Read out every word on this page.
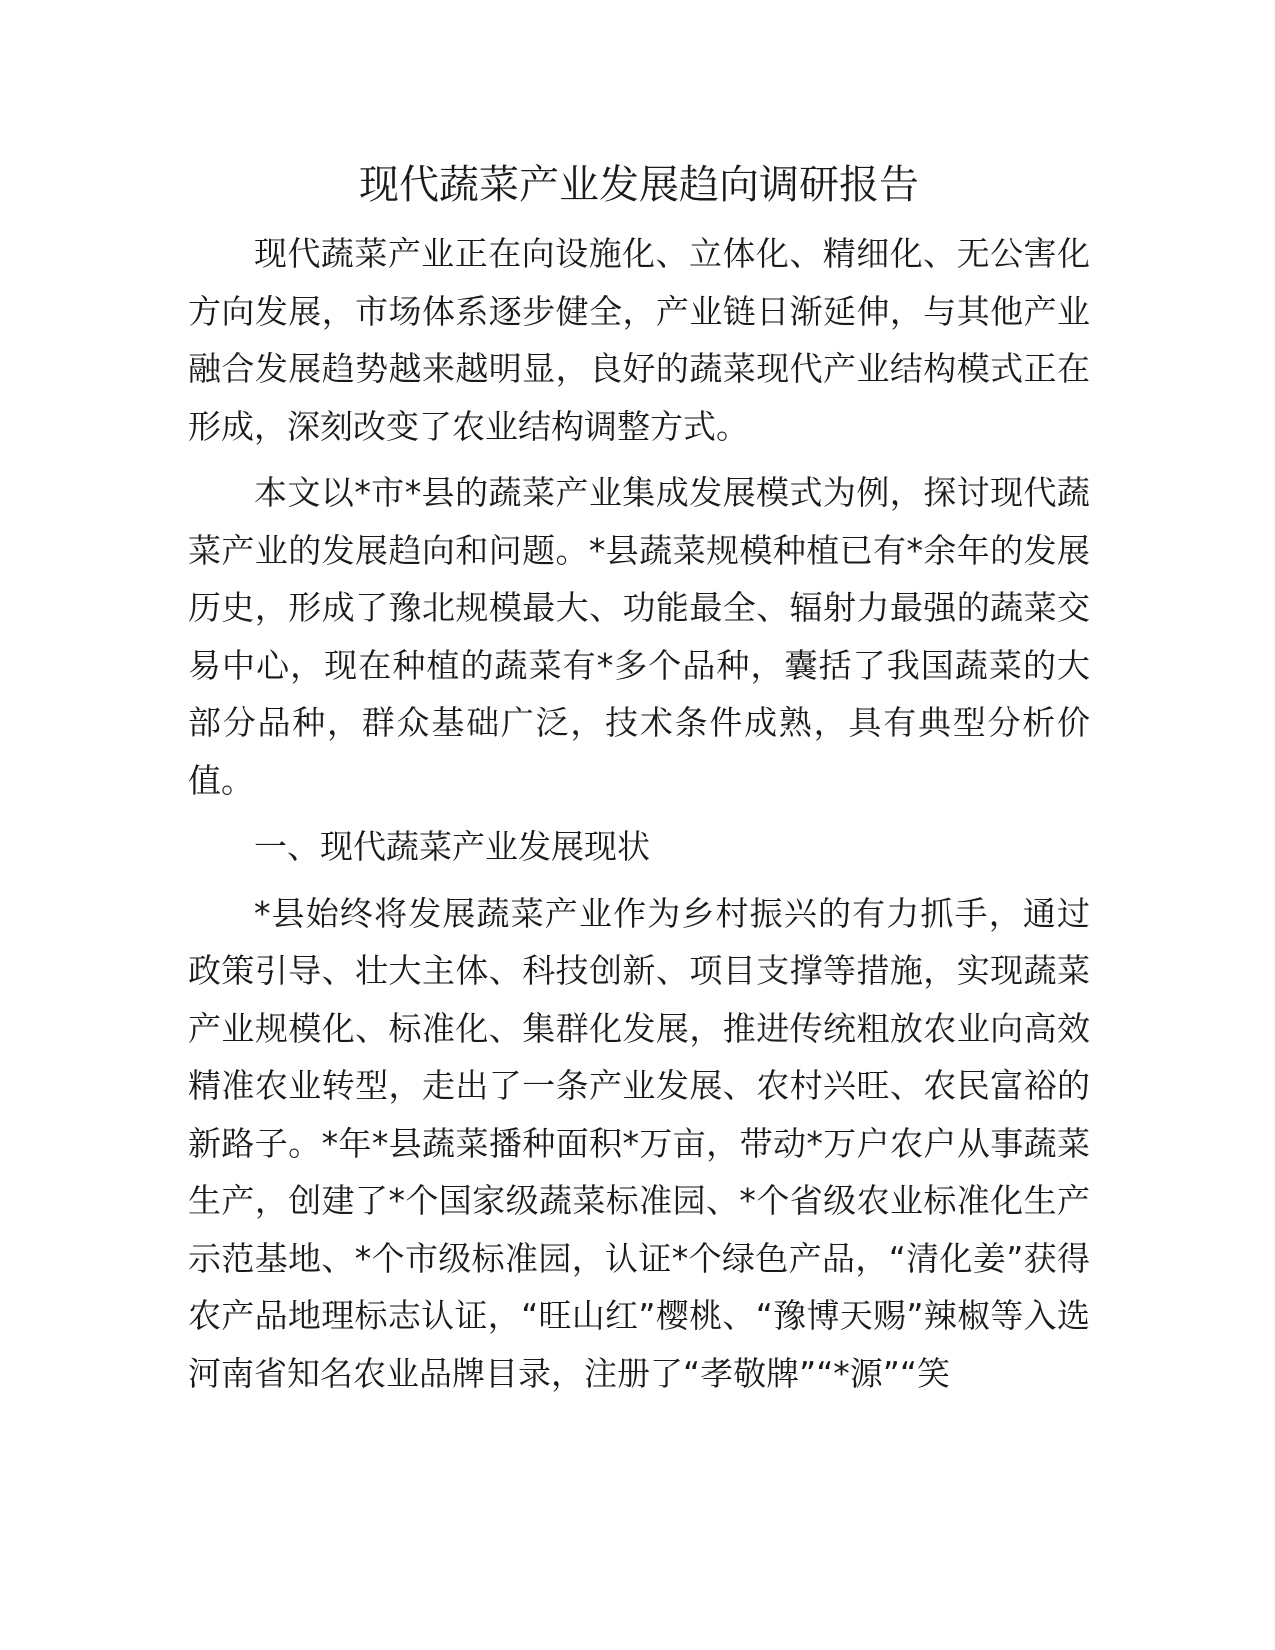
现代蔬菜产业发展趋向调研报告

现代蔬菜产业正在向设施化、立体化、精细化、无公害化方向发展，市场体系逐步健全，产业链日渐延伸，与其他产业融合发展趋势越来越明显，良好的蔬菜现代产业结构模式正在形成，深刻改变了农业结构调整方式。

本文以*市*县的蔬菜产业集成发展模式为例，探讨现代蔬菜产业的发展趋向和问题。*县蔬菜规模种植已有*余年的发展历史，形成了豫北规模最大、功能最全、辐射力最强的蔬菜交易中心，现在种植的蔬菜有*多个品种，囊括了我国蔬菜的大部分品种，群众基础广泛，技术条件成熟，具有典型分析价值。

一、现代蔬菜产业发展现状

*县始终将发展蔬菜产业作为乡村振兴的有力抓手，通过政策引导、壮大主体、科技创新、项目支撑等措施，实现蔬菜产业规模化、标准化、集群化发展，推进传统粗放农业向高效精准农业转型，走出了一条产业发展、农村兴旺、农民富裕的新路子。*年*县蔬菜播种面积*万亩，带动*万户农户从事蔬菜生产，创建了*个国家级蔬菜标准园、*个省级农业标准化生产示范基地、*个市级标准园，认证*个绿色产品，“清化姜”获得农产品地理标志认证，“旺山红”樱桃、“豫博天赐”辣椒等入选河南省知名农业品牌目录，注册了“孝敬牌”“*源”“笑
